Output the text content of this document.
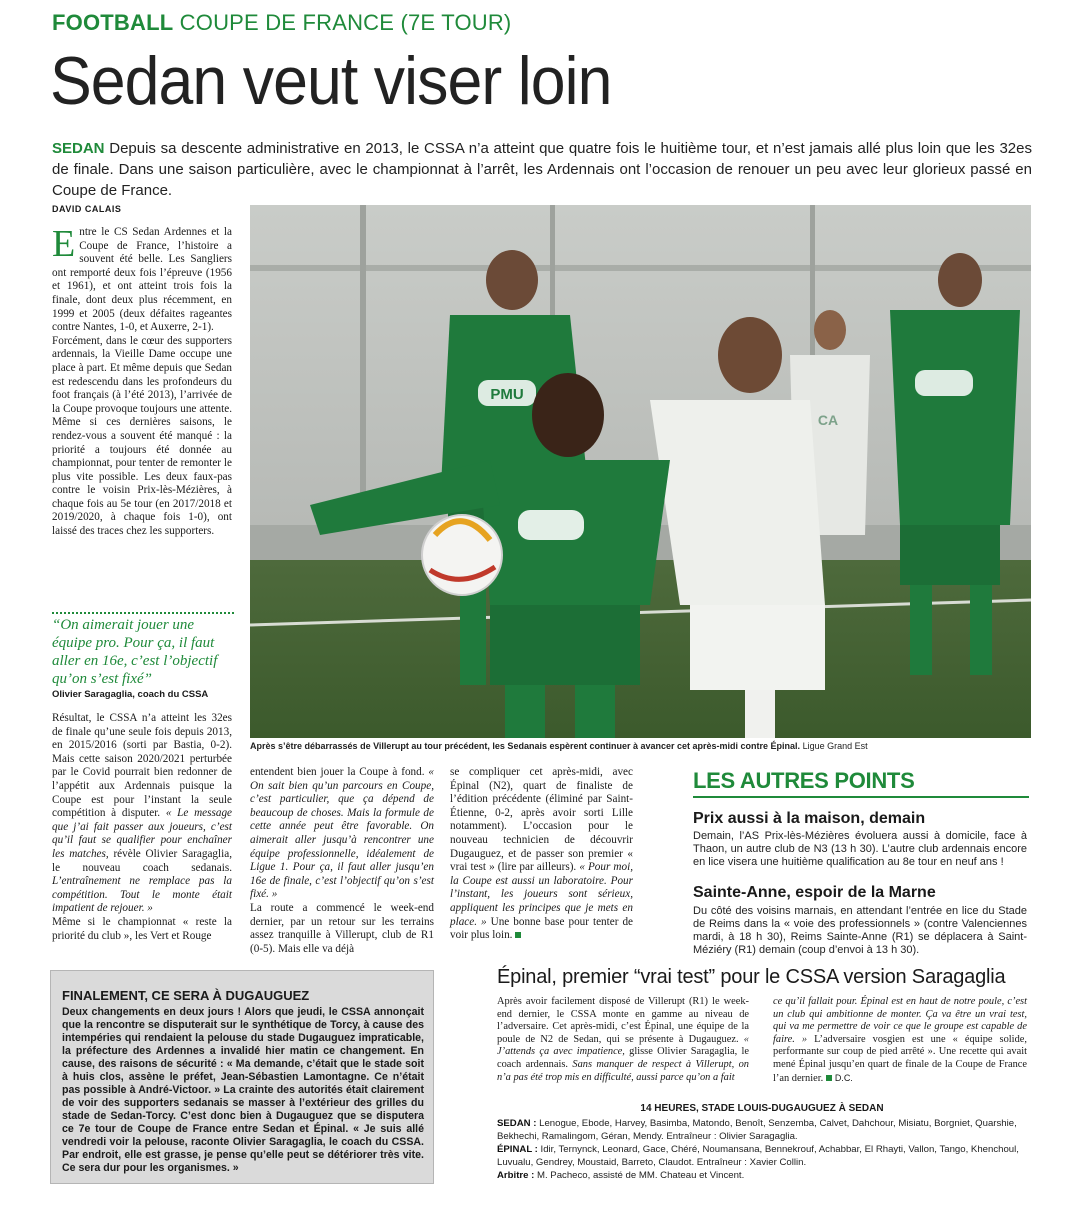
FOOTBALL COUPE DE FRANCE (7E TOUR)
Sedan veut viser loin
SEDAN Depuis sa descente administrative en 2013, le CSSA n’a atteint que quatre fois le huitième tour, et n’est jamais allé plus loin que les 32es de finale. Dans une saison particulière, avec le championnat à l’arrêt, les Ardennais ont l’occasion de renouer un peu avec leur glorieux passé en Coupe de France.
DAVID CALAIS
E ntre le CS Sedan Ardennes et la Coupe de France, l’histoire a souvent été belle. Les Sangliers ont remporté deux fois l’épreuve (1956 et 1961), et ont atteint trois fois la finale, dont deux plus récemment, en 1999 et 2005 (deux défaites rageantes contre Nantes, 1-0, et Auxerre, 2-1).

Forcément, dans le cœur des supporters ardennais, la Vieille Dame occupe une place à part. Et même depuis que Sedan est redescendu dans les profondeurs du foot français (à l’été 2013), l’arrivée de la Coupe provoque toujours une attente. Même si ces dernières saisons, le rendez-vous a souvent été manqué : la priorité a toujours été donnée au championnat, pour tenter de remonter le plus vite possible. Les deux faux-pas contre le voisin Prix-lès-Mézières, à chaque fois au 5e tour (en 2017/2018 et 2019/2020, à chaque fois 1-0), ont laissé des traces chez les supporters.

“On aimerait jouer une équipe pro. Pour ça, il faut aller en 16e, c’est l’objectif qu’on s’est fixé”
Olivier Saragaglia, coach du CSSA

Résultat, le CSSA n’a atteint les 32es de finale qu’une seule fois depuis 2013, en 2015/2016 (sorti par Bastia, 0-2). Mais cette saison 2020/2021 perturbée par le Covid pourrait bien redonner de l’appétit aux Ardennais puisque la Coupe est pour l’instant la seule compétition à disputer. « Le message que j’ai fait passer aux joueurs, c’est qu’il faut se qualifier pour enchaîner les matches, révèle Olivier Saragaglia, le nouveau coach sedanais. L’entraînement ne remplace pas la compétition. Tout le monte était impatient de rejouer. »

Même si le championnat « reste la priorité du club », les Vert et Rouge

PMU
CA
Après s’être débarrassés de Villerupt au tour précédent, les Sedanais espèrent continuer à avancer cet après-midi contre Épinal. Ligue Grand Est

entendent bien jouer la Coupe à fond. « On sait bien qu’un parcours en Coupe, c’est particulier, que ça dépend de beaucoup de choses. Mais la formule de cette année peut être favorable. On aimerait aller jusqu’à rencontrer une équipe professionnelle, idéalement de Ligue 1. Pour ça, il faut aller jusqu’en 16e de finale, c’est l’objectif qu’on s’est fixé. »

La route a commencé le week-end dernier, par un retour sur les terrains assez tranquille à Villerupt, club de R1 (0-5). Mais elle va déjà

se compliquer cet après-midi, avec Épinal (N2), quart de finaliste de l’édition précédente (éliminé par Saint-Étienne, 0-2, après avoir sorti Lille notamment). L’occasion pour le nouveau technicien de découvrir Dugauguez, et de passer son premier « vrai test » (lire par ailleurs). « Pour moi, la Coupe est aussi un laboratoire. Pour l’instant, les joueurs sont sérieux, appliquent les principes que je mets en place. » Une bonne base pour tenter de voir plus loin.

LES AUTRES POINTS
Prix aussi à la maison, demain
Demain, l’AS Prix-lès-Mézières évoluera aussi à domicile, face à Thaon, un autre club de N3 (13 h 30). L’autre club ardennais encore en lice visera une huitième qualification au 8e tour en neuf ans !
Sainte-Anne, espoir de la Marne
Du côté des voisins marnais, en attendant l’entrée en lice du Stade de Reims dans la « voie des professionnels » (contre Valenciennes mardi, à 18 h 30), Reims Sainte-Anne (R1) se déplacera à Saint-Méziéry (R1) demain (coup d’envoi à 13 h 30).
FINALEMENT, CE SERA À DUGAUGUEZ
Deux changements en deux jours ! Alors que jeudi, le CSSA annonçait que la rencontre se disputerait sur le synthétique de Torcy, à cause des intempéries qui rendaient la pelouse du stade Dugauguez impraticable, la préfecture des Ardennes a invalidé hier matin ce changement. En cause, des raisons de sécurité : « Ma demande, c’était que le stade soit à huis clos, assène le préfet, Jean-Sébastien Lamontagne. Ce n’était pas possible à André-Victoor. » La crainte des autorités était clairement de voir des supporters sedanais se masser à l’extérieur des grilles du stade de Sedan-Torcy. C’est donc bien à Dugauguez que se disputera ce 7e tour de Coupe de France entre Sedan et Épinal. « Je suis allé vendredi voir la pelouse, raconte Olivier Saragaglia, le coach du CSSA. Par endroit, elle est grasse, je pense qu’elle peut se détériorer très vite. Ce sera dur pour les organismes. »
Épinal, premier “vrai test” pour le CSSA version Saragaglia
Après avoir facilement disposé de Villerupt (R1) le week-end dernier, le CSSA monte en gamme au niveau de l’adversaire. Cet après-midi, c’est Épinal, une équipe de la poule de N2 de Sedan, qui se présente à Dugauguez. « J’attends ça avec impatience, glisse Olivier Saragaglia, le coach ardennais. Sans manquer de respect à Villerupt, on n’a pas été trop mis en difficulté, aussi parce qu’on a fait
ce qu’il fallait pour. Épinal est en haut de notre poule, c’est un club qui ambitionne de monter. Ça va être un vrai test, qui va me permettre de voir ce que le groupe est capable de faire. » L’adversaire vosgien est une « équipe solide, performante sur coup de pied arrêté ». Une recette qui avait mené Épinal jusqu’en quart de finale de la Coupe de France l’an dernier. D.C.
14 HEURES, STADE LOUIS-DUGAUGUEZ À SEDAN
SEDAN : Lenogue, Ebode, Harvey, Basimba, Matondo, Benoît, Senzemba, Calvet, Dahchour, Misiatu, Borgniet, Quarshie, Bekhechi, Ramalingom, Géran, Mendy. Entraîneur : Olivier Saragaglia.
ÉPINAL : Idir, Ternynck, Leonard, Gace, Chéré, Noumansana, Bennekrouf, Achabbar, El Rhayti, Vallon, Tango, Khenchoul, Luvualu, Gendrey, Moustaid, Barreto, Claudot. Entraîneur : Xavier Collin.
Arbitre : M. Pacheco, assisté de MM. Chateau et Vincent.
